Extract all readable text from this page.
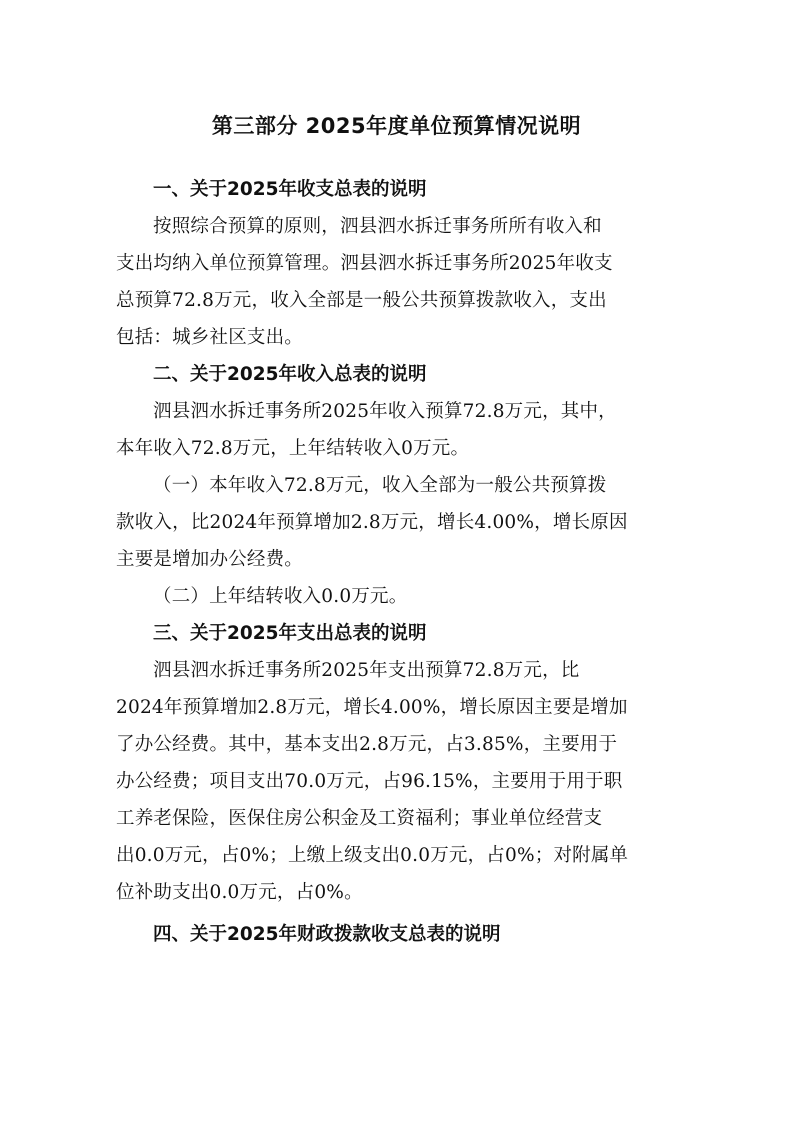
第三部分 2025年度单位预算情况说明

一、关于2025年收支总表的说明

按照综合预算的原则，泗县泗水拆迁事务所所有收入和
支出均纳入单位预算管理。泗县泗水拆迁事务所2025年收支
总预算72.8万元，收入全部是一般公共预算拨款收入，支出
包括：城乡社区支出。

二、关于2025年收入总表的说明

泗县泗水拆迁事务所2025年收入预算72.8万元，其中，
本年收入72.8万元，上年结转收入0万元。
（一）本年收入72.8万元，收入全部为一般公共预算拨
款收入，比2024年预算增加2.8万元，增长4.00%，增长原因
主要是增加办公经费。
（二）上年结转收入0.0万元。

三、关于2025年支出总表的说明

泗县泗水拆迁事务所2025年支出预算72.8万元，比
2024年预算增加2.8万元，增长4.00%，增长原因主要是增加
了办公经费。其中，基本支出2.8万元，占3.85%，主要用于
办公经费；项目支出70.0万元，占96.15%，主要用于用于职
工养老保险，医保住房公积金及工资福利；事业单位经营支
出0.0万元，占0%；上缴上级支出0.0万元，占0%；对附属单
位补助支出0.0万元，占0%。

四、关于2025年财政拨款收支总表的说明
